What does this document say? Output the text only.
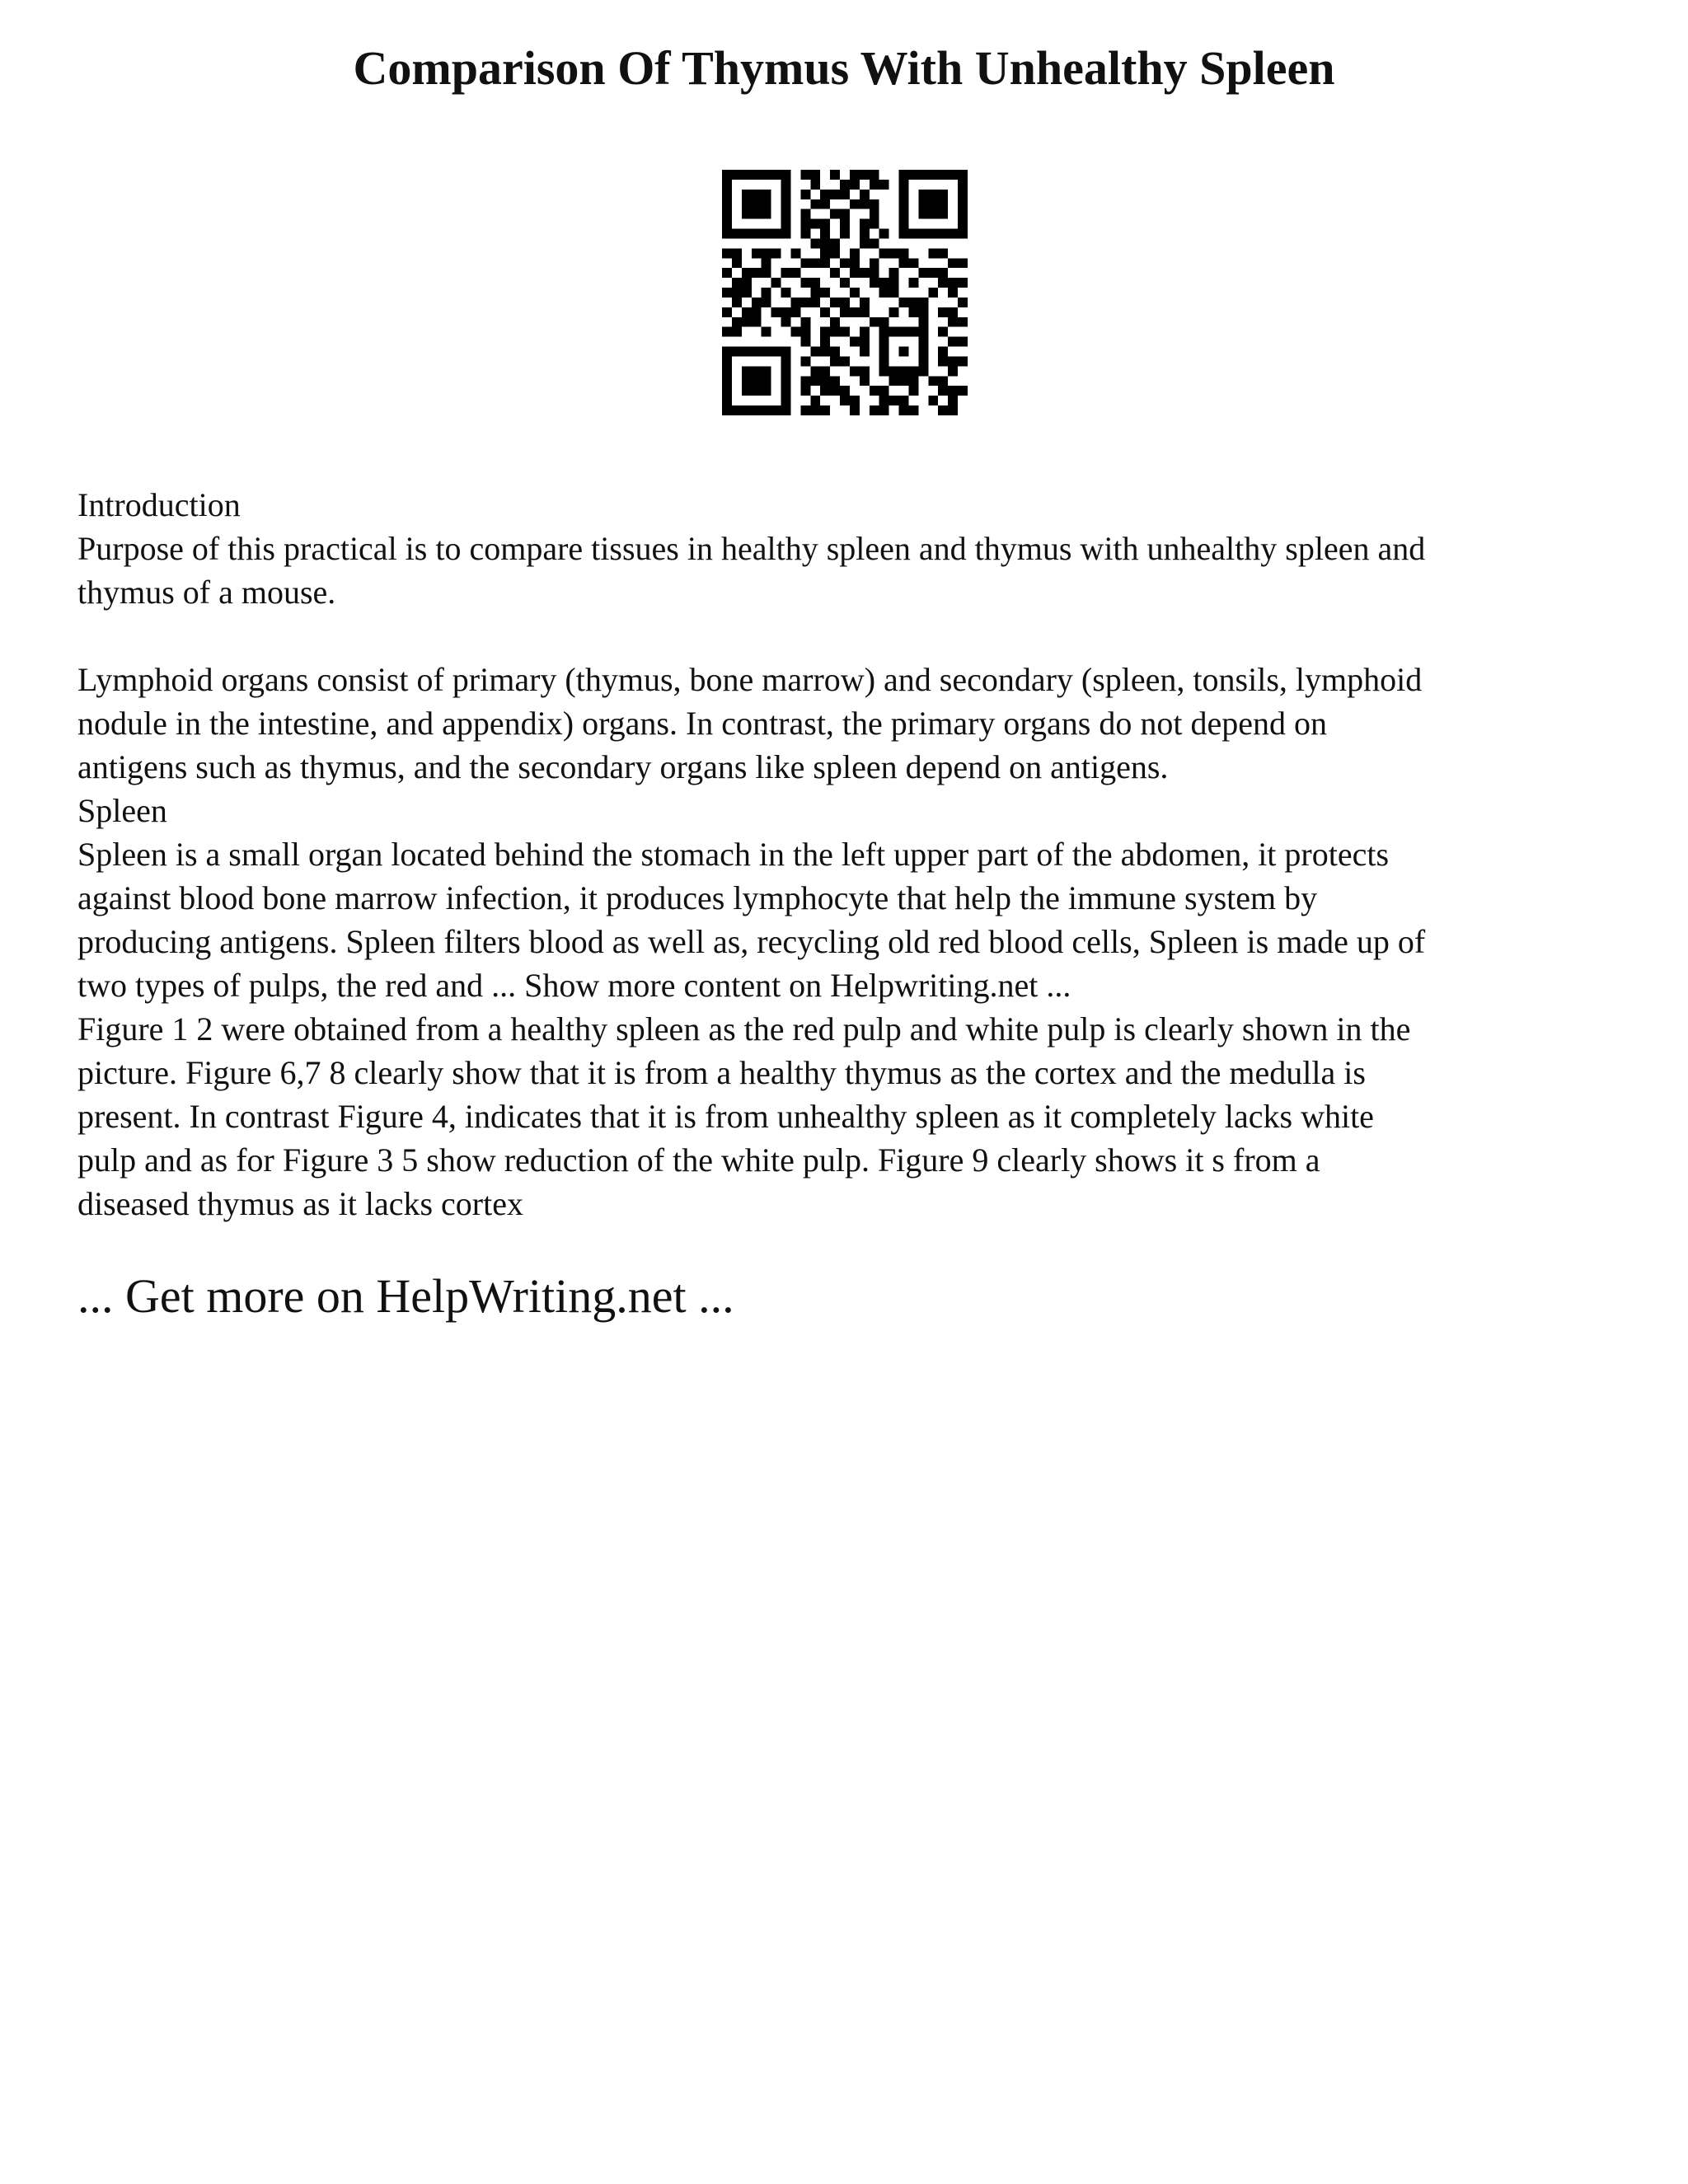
Comparison Of Thymus With Unhealthy Spleen
Introduction
Purpose of this practical is to compare tissues in healthy spleen and thymus with unhealthy spleen and
thymus of a mouse.
Lymphoid organs consist of primary (thymus, bone marrow) and secondary (spleen, tonsils, lymphoid
nodule in the intestine, and appendix) organs. In contrast, the primary organs do not depend on
antigens such as thymus, and the secondary organs like spleen depend on antigens.
Spleen
Spleen is a small organ located behind the stomach in the left upper part of the abdomen, it protects
against blood bone marrow infection, it produces lymphocyte that help the immune system by
producing antigens. Spleen filters blood as well as, recycling old red blood cells, Spleen is made up of
two types of pulps, the red and ... Show more content on Helpwriting.net ...
Figure 1 2 were obtained from a healthy spleen as the red pulp and white pulp is clearly shown in the
picture. Figure 6,7 8 clearly show that it is from a healthy thymus as the cortex and the medulla is
present. In contrast Figure 4, indicates that it is from unhealthy spleen as it completely lacks white
pulp and as for Figure 3 5 show reduction of the white pulp. Figure 9 clearly shows it s from a
diseased thymus as it lacks cortex
... Get more on HelpWriting.net ...
